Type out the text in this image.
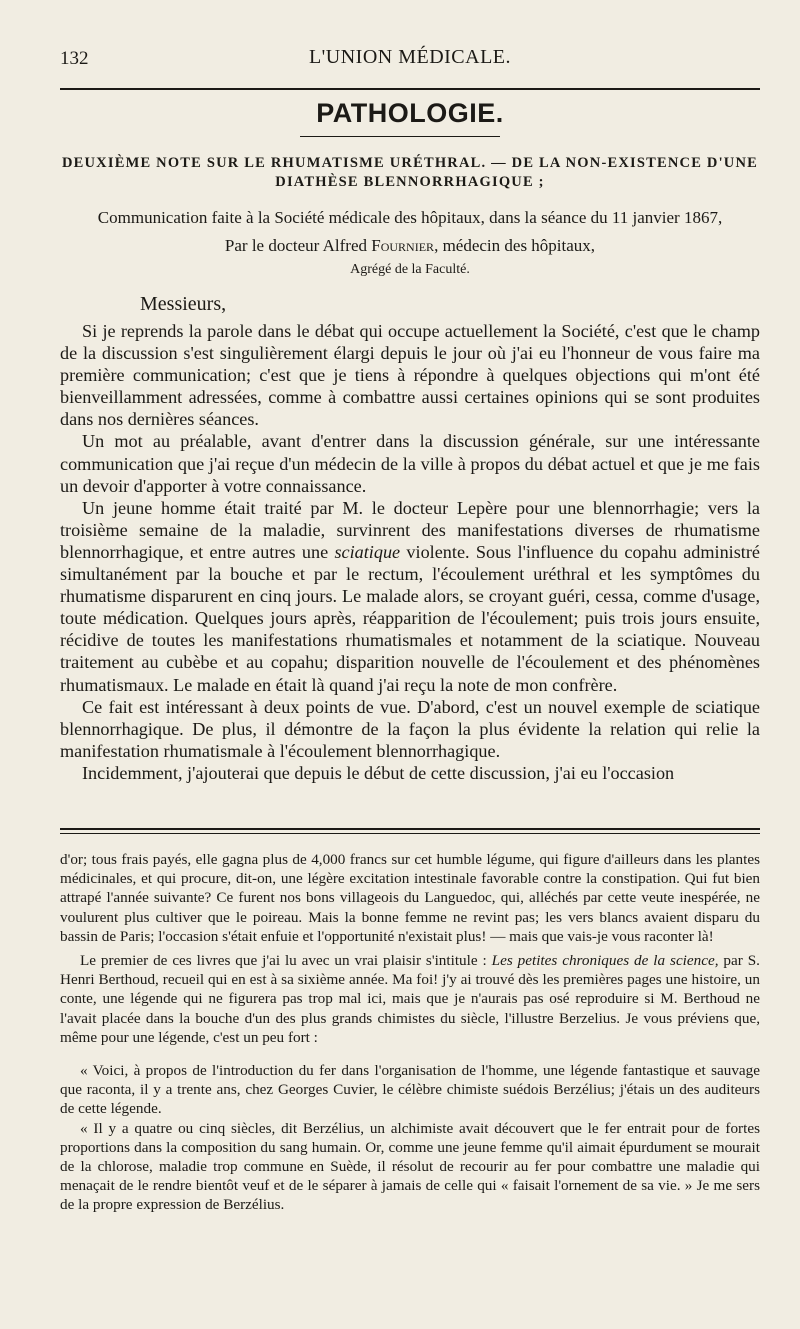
132	L'UNION MÉDICALE.
PATHOLOGIE.
DEUXIÈME NOTE SUR LE RHUMATISME URÉTHRAL. — DE LA NON-EXISTENCE D'UNE DIATHÈSE BLENNORRHAGIQUE ;
Communication faite à la Société médicale des hôpitaux, dans la séance du 11 janvier 1867,
Par le docteur Alfred Fournier, médecin des hôpitaux,
Agrégé de la Faculté.
Messieurs,

Si je reprends la parole dans le débat qui occupe actuellement la Société, c'est que le champ de la discussion s'est singulièrement élargi depuis le jour où j'ai eu l'honneur de vous faire ma première communication; c'est que je tiens à répondre à quelques objections qui m'ont été bienveillamment adressées, comme à combattre aussi certaines opinions qui se sont produites dans nos dernières séances.

Un mot au préalable, avant d'entrer dans la discussion générale, sur une intéressante communication que j'ai reçue d'un médecin de la ville à propos du débat actuel et que je me fais un devoir d'apporter à votre connaissance.

Un jeune homme était traité par M. le docteur Lepère pour une blennorrhagie; vers la troisième semaine de la maladie, survinrent des manifestations diverses de rhumatisme blennorrhagique, et entre autres une sciatique violente. Sous l'influence du copahu administré simultanément par la bouche et par le rectum, l'écoulement uréthral et les symptômes du rhumatisme disparurent en cinq jours. Le malade alors, se croyant guéri, cessa, comme d'usage, toute médication. Quelques jours après, réapparition de l'écoulement; puis trois jours ensuite, récidive de toutes les manifestations rhumatismales et notamment de la sciatique. Nouveau traitement au cubèbe et au copahu; disparition nouvelle de l'écoulement et des phénomènes rhumatismaux. Le malade en était là quand j'ai reçu la note de mon confrère.

Ce fait est intéressant à deux points de vue. D'abord, c'est un nouvel exemple de sciatique blennorrhagique. De plus, il démontre de la façon la plus évidente la relation qui relie la manifestation rhumatismale à l'écoulement blennorrhagique.

Incidemment, j'ajouterai que depuis le début de cette discussion, j'ai eu l'occasion

d'or; tous frais payés, elle gagna plus de 4,000 francs sur cet humble légume, qui figure d'ailleurs dans les plantes médicinales, et qui procure, dit-on, une légère excitation intestinale favorable contre la constipation. Qui fut bien attrapé l'année suivante? Ce furent nos bons villageois du Languedoc, qui, alléchés par cette veute inespérée, ne voulurent plus cultiver que le poireau. Mais la bonne femme ne revint pas; les vers blancs avaient disparu du bassin de Paris; l'occasion s'était enfuie et l'opportunité n'existait plus! — mais que vais-je vous raconter là!

Le premier de ces livres que j'ai lu avec un vrai plaisir s'intitule : Les petites chroniques de la science, par S. Henri Berthoud, recueil qui en est à sa sixième année. Ma foi! j'y ai trouvé dès les premières pages une histoire, un conte, une légende qui ne figurera pas trop mal ici, mais que je n'aurais pas osé reproduire si M. Berthoud ne l'avait placée dans la bouche d'un des plus grands chimistes du siècle, l'illustre Berzelius. Je vous préviens que, même pour une légende, c'est un peu fort :

« Voici, à propos de l'introduction du fer dans l'organisation de l'homme, une légende fantastique et sauvage que raconta, il y a trente ans, chez Georges Cuvier, le célèbre chimiste suédois Berzélius; j'étais un des auditeurs de cette légende.

« Il y a quatre ou cinq siècles, dit Berzélius, un alchimiste avait découvert que le fer entrait pour de fortes proportions dans la composition du sang humain. Or, comme une jeune femme qu'il aimait épurdument se mourait de la chlorose, maladie trop commune en Suède, il résolut de recourir au fer pour combattre une maladie qui menaçait de le rendre bientôt veuf et de le séparer à jamais de celle qui « faisait l'ornement de sa vie. » Je me sers de la propre expression de Berzélius.
